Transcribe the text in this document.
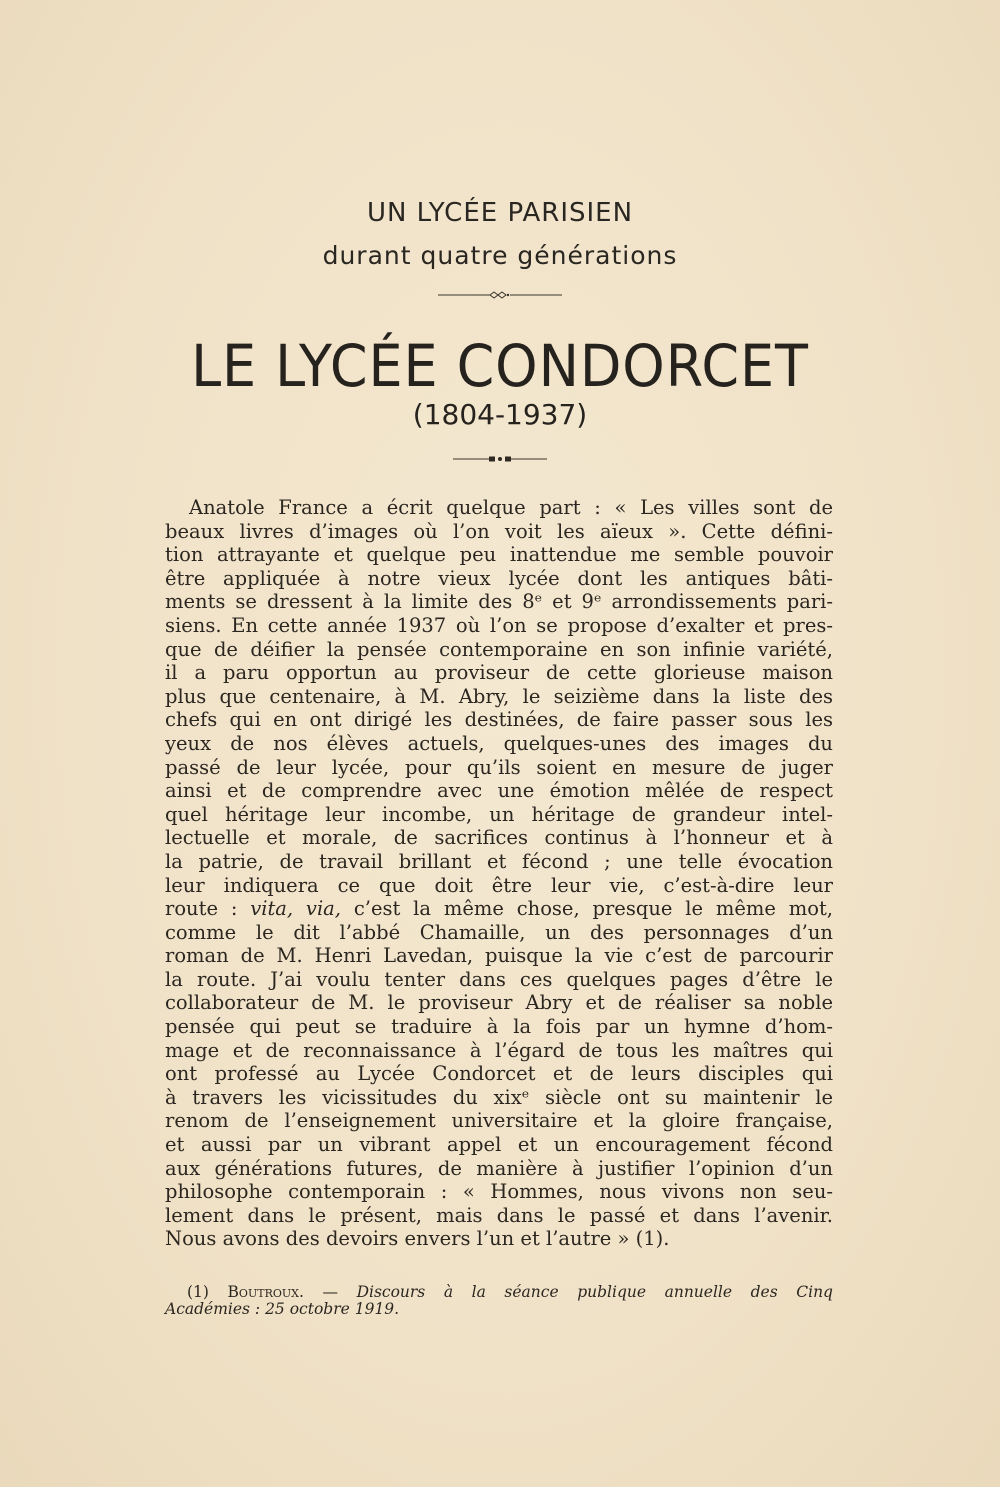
UN LYCÉE PARISIEN
durant quatre générations
LE LYCÉE CONDORCET
(1804-1937)
Anatole France a écrit quelque part : « Les villes sont de
beaux livres d’images où l’on voit les aïeux ». Cette défini-
tion attrayante et quelque peu inattendue me semble pouvoir
être appliquée à notre vieux lycée dont les antiques bâti-
ments se dressent à la limite des 8ᵉ et 9ᵉ arrondissements pari-
siens. En cette année 1937 où l’on se propose d’exalter et pres-
que de déifier la pensée contemporaine en son infinie variété,
il a paru opportun au proviseur de cette glorieuse maison
plus que centenaire, à M. Abry, le seizième dans la liste des
chefs qui en ont dirigé les destinées, de faire passer sous les
yeux de nos élèves actuels, quelques-unes des images du
passé de leur lycée, pour qu’ils soient en mesure de juger
ainsi et de comprendre avec une émotion mêlée de respect
quel héritage leur incombe, un héritage de grandeur intel-
lectuelle et morale, de sacrifices continus à l’honneur et à
la patrie, de travail brillant et fécond ; une telle évocation
leur indiquera ce que doit être leur vie, c’est-à-dire leur
route : vita, via, c’est la même chose, presque le même mot,
comme le dit l’abbé Chamaille, un des personnages d’un
roman de M. Henri Lavedan, puisque la vie c’est de parcourir
la route. J’ai voulu tenter dans ces quelques pages d’être le
collaborateur de M. le proviseur Abry et de réaliser sa noble
pensée qui peut se traduire à la fois par un hymne d’hom-
mage et de reconnaissance à l’égard de tous les maîtres qui
ont professé au Lycée Condorcet et de leurs disciples qui
à travers les vicissitudes du xixᵉ siècle ont su maintenir le
renom de l’enseignement universitaire et la gloire française,
et aussi par un vibrant appel et un encouragement fécond
aux générations futures, de manière à justifier l’opinion d’un
philosophe contemporain : « Hommes, nous vivons non seu-
lement dans le présent, mais dans le passé et dans l’avenir.
Nous avons des devoirs envers l’un et l’autre » (1).
(1) Boutroux. — Discours à la séance publique annuelle des Cinq
Académies : 25 octobre 1919.
